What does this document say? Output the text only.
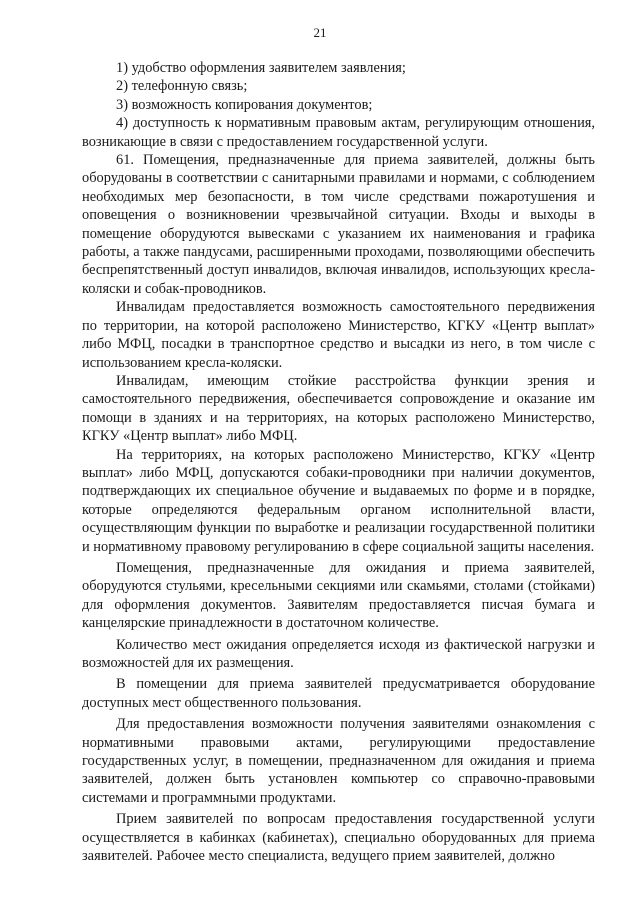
21

1) удобство оформления заявителем заявления;

2) телефонную связь;

3) возможность копирования документов;

4) доступность к нормативным правовым актам, регулирующим отношения, возникающие в связи с предоставлением государственной услуги.

61. Помещения, предназначенные для приема заявителей, должны быть оборудованы в соответствии с санитарными правилами и нормами, с соблюдением необходимых мер безопасности, в том числе средствами пожаротушения и оповещения о возникновении чрезвычайной ситуации. Входы и выходы в помещение оборудуются вывесками с указанием их наименования и графика работы, а также пандусами, расширенными проходами, позволяющими обеспечить беспрепятственный доступ инвалидов, включая инвалидов, использующих кресла-коляски и собак-проводников.

Инвалидам предоставляется возможность самостоятельного передвижения по территории, на которой расположено Министерство, КГКУ «Центр выплат» либо МФЦ, посадки в транспортное средство и высадки из него, в том числе с использованием кресла-коляски.

Инвалидам, имеющим стойкие расстройства функции зрения и самостоятельного передвижения, обеспечивается сопровождение и оказание им помощи в зданиях и на территориях, на которых расположено Министерство, КГКУ «Центр выплат» либо МФЦ.

На территориях, на которых расположено Министерство, КГКУ «Центр выплат» либо МФЦ, допускаются собаки-проводники при наличии документов, подтверждающих их специальное обучение и выдаваемых по форме и в порядке, которые определяются федеральным органом исполнительной власти, осуществляющим функции по выработке и реализации государственной политики и нормативному правовому регулированию в сфере социальной защиты населения.

Помещения, предназначенные для ожидания и приема заявителей, оборудуются стульями, кресельными секциями или скамьями, столами (стойками) для оформления документов. Заявителям предоставляется писчая бумага и канцелярские принадлежности в достаточном количестве.

Количество мест ожидания определяется исходя из фактической нагрузки и возможностей для их размещения.

В помещении для приема заявителей предусматривается оборудование доступных мест общественного пользования.

Для предоставления возможности получения заявителями ознакомления с нормативными правовыми актами, регулирующими предоставление государственных услуг, в помещении, предназначенном для ожидания и приема заявителей, должен быть установлен компьютер со справочно-правовыми системами и программными продуктами.

Прием заявителей по вопросам предоставления государственной услуги осуществляется в кабинках (кабинетах), специально оборудованных для приема заявителей. Рабочее место специалиста, ведущего прием заявителей, должно
